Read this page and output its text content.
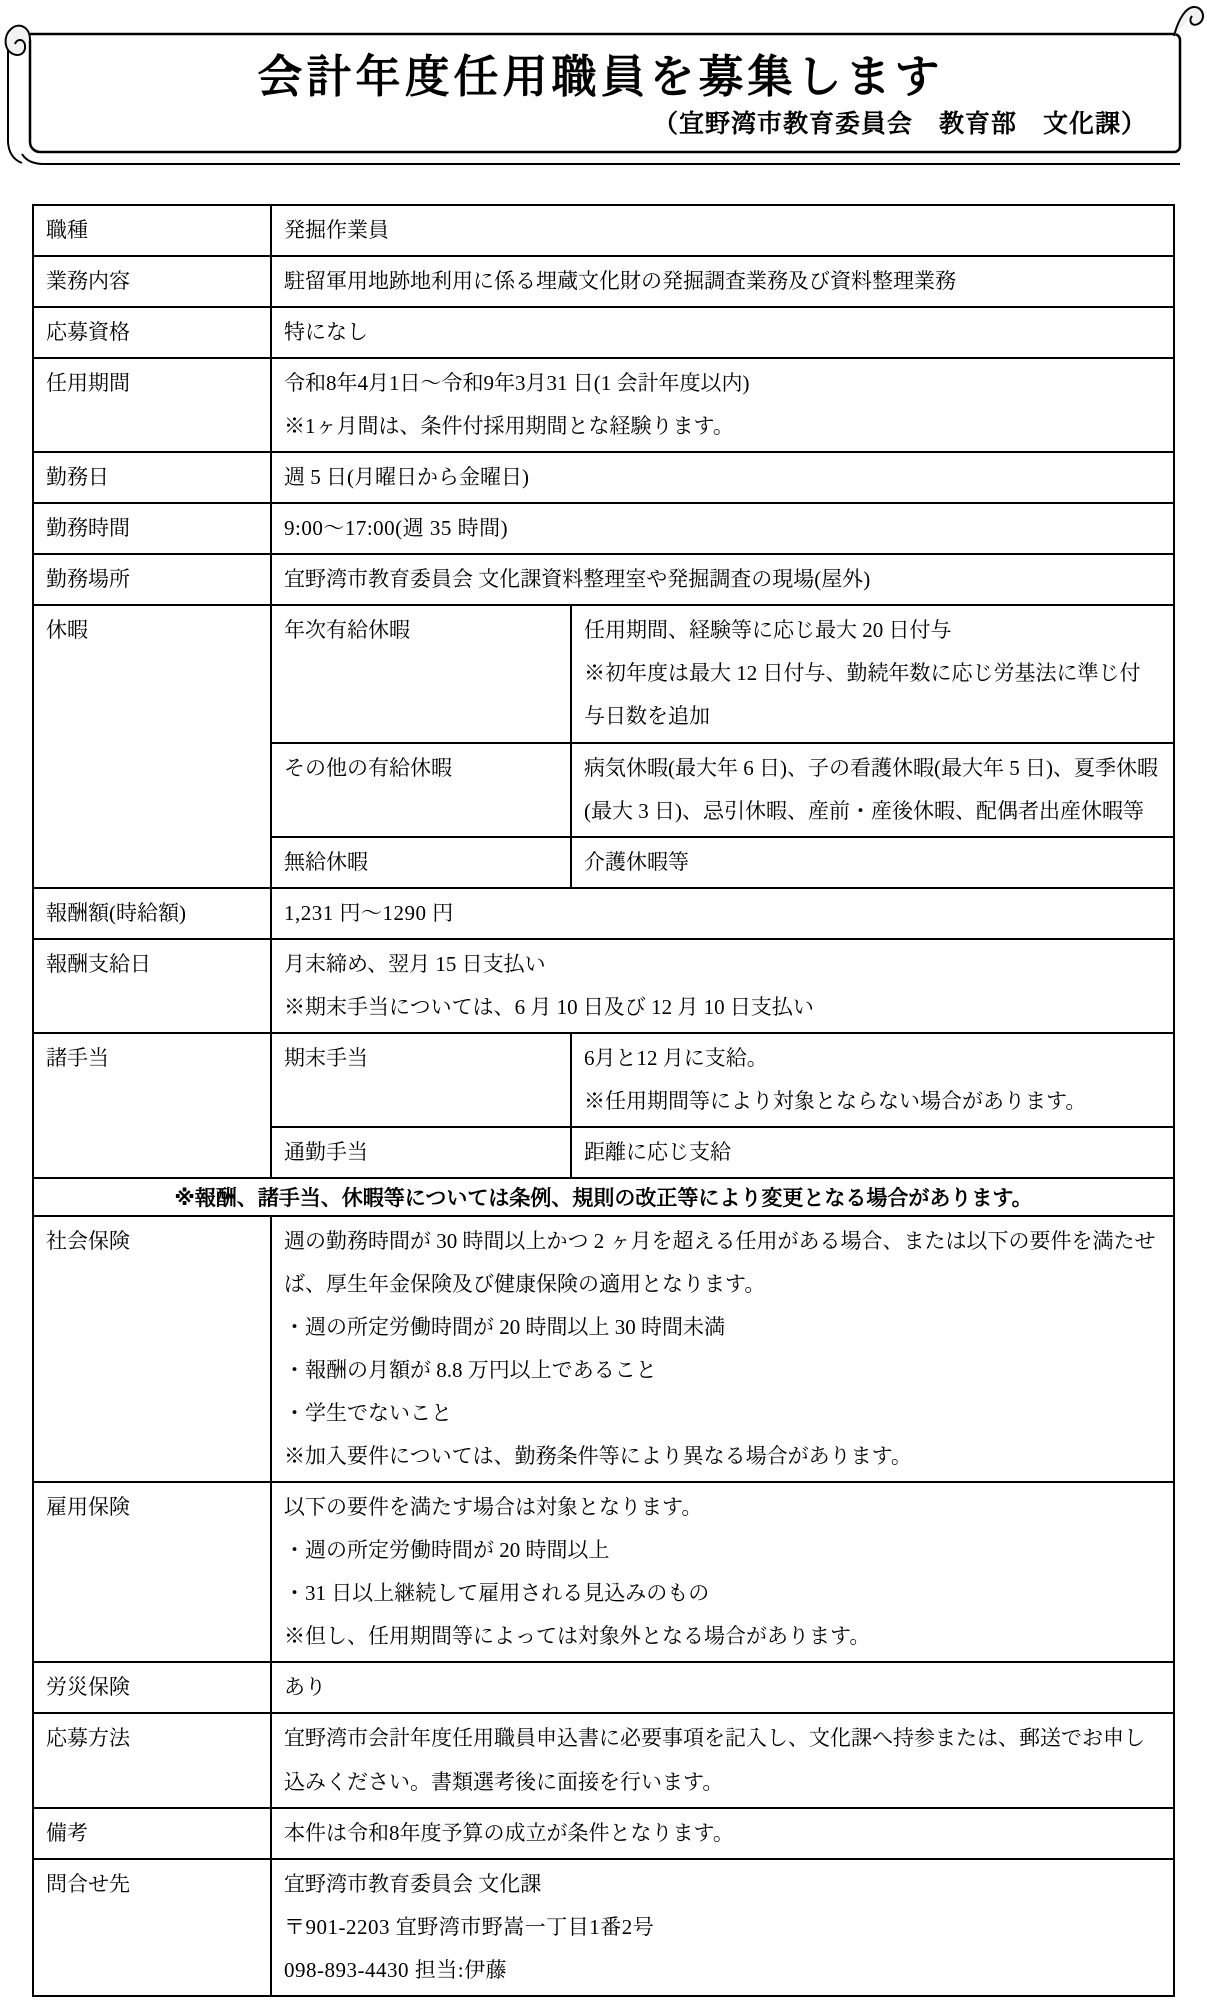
会計年度任用職員を募集します
（宜野湾市教育委員会　教育部　文化課）
職種	発掘作業員	

業務内容	駐留軍用地跡地利用に係る埋蔵文化財の発掘調査業務及び資料整理業務	

応募資格	特になし	

任用期間	令和8年4月1日～令和9年3月31 日(1 会計年度以内)
※1ヶ月間は、条件付採用期間とな経験ります。	

勤務日	週 5 日(月曜日から金曜日)	

勤務時間	9:00～17:00(週 35 時間)	

勤務場所	宜野湾市教育委員会 文化課資料整理室や発掘調査の現場(屋外)	

休暇	年次有給休暇	任用期間、経験等に応じ最大 20 日付与
※初年度は最大 12 日付与、勤続年数に応じ労基法に準じ付与日数を追加

	その他の有給休暇	病気休暇(最大年 6 日)、子の看護休暇(最大年 5 日)、夏季休暇(最大 3 日)、忌引休暇、産前・産後休暇、配偶者出産休暇等

	無給休暇	介護休暇等

報酬額(時給額)	1,231 円～1290 円	

報酬支給日	月末締め、翌月 15 日支払い
※期末手当については、6 月 10 日及び 12 月 10 日支払い	

諸手当	期末手当	6月と12 月に支給。
※任用期間等により対象とならない場合があります。

	通勤手当	距離に応じ支給

※報酬、諸手当、休暇等については条例、規則の改正等により変更となる場合があります。		

社会保険	週の勤務時間が 30 時間以上かつ 2 ヶ月を超える任用がある場合、または以下の要件を満たせば、厚生年金保険及び健康保険の適用となります。
・週の所定労働時間が 20 時間以上 30 時間未満
・報酬の月額が 8.8 万円以上であること
・学生でないこと
※加入要件については、勤務条件等により異なる場合があります。	

雇用保険	以下の要件を満たす場合は対象となります。
・週の所定労働時間が 20 時間以上
・31 日以上継続して雇用される見込みのもの
※但し、任用期間等によっては対象外となる場合があります。	

労災保険	あり	

応募方法	宜野湾市会計年度任用職員申込書に必要事項を記入し、文化課へ持参または、郵送でお申し込みください。書類選考後に面接を行います。	

備考	本件は令和8年度予算の成立が条件となります。	

問合せ先	宜野湾市教育委員会 文化課
〒901-2203 宜野湾市野嵩一丁目1番2号
098-893-4430 担当:伊藤	
